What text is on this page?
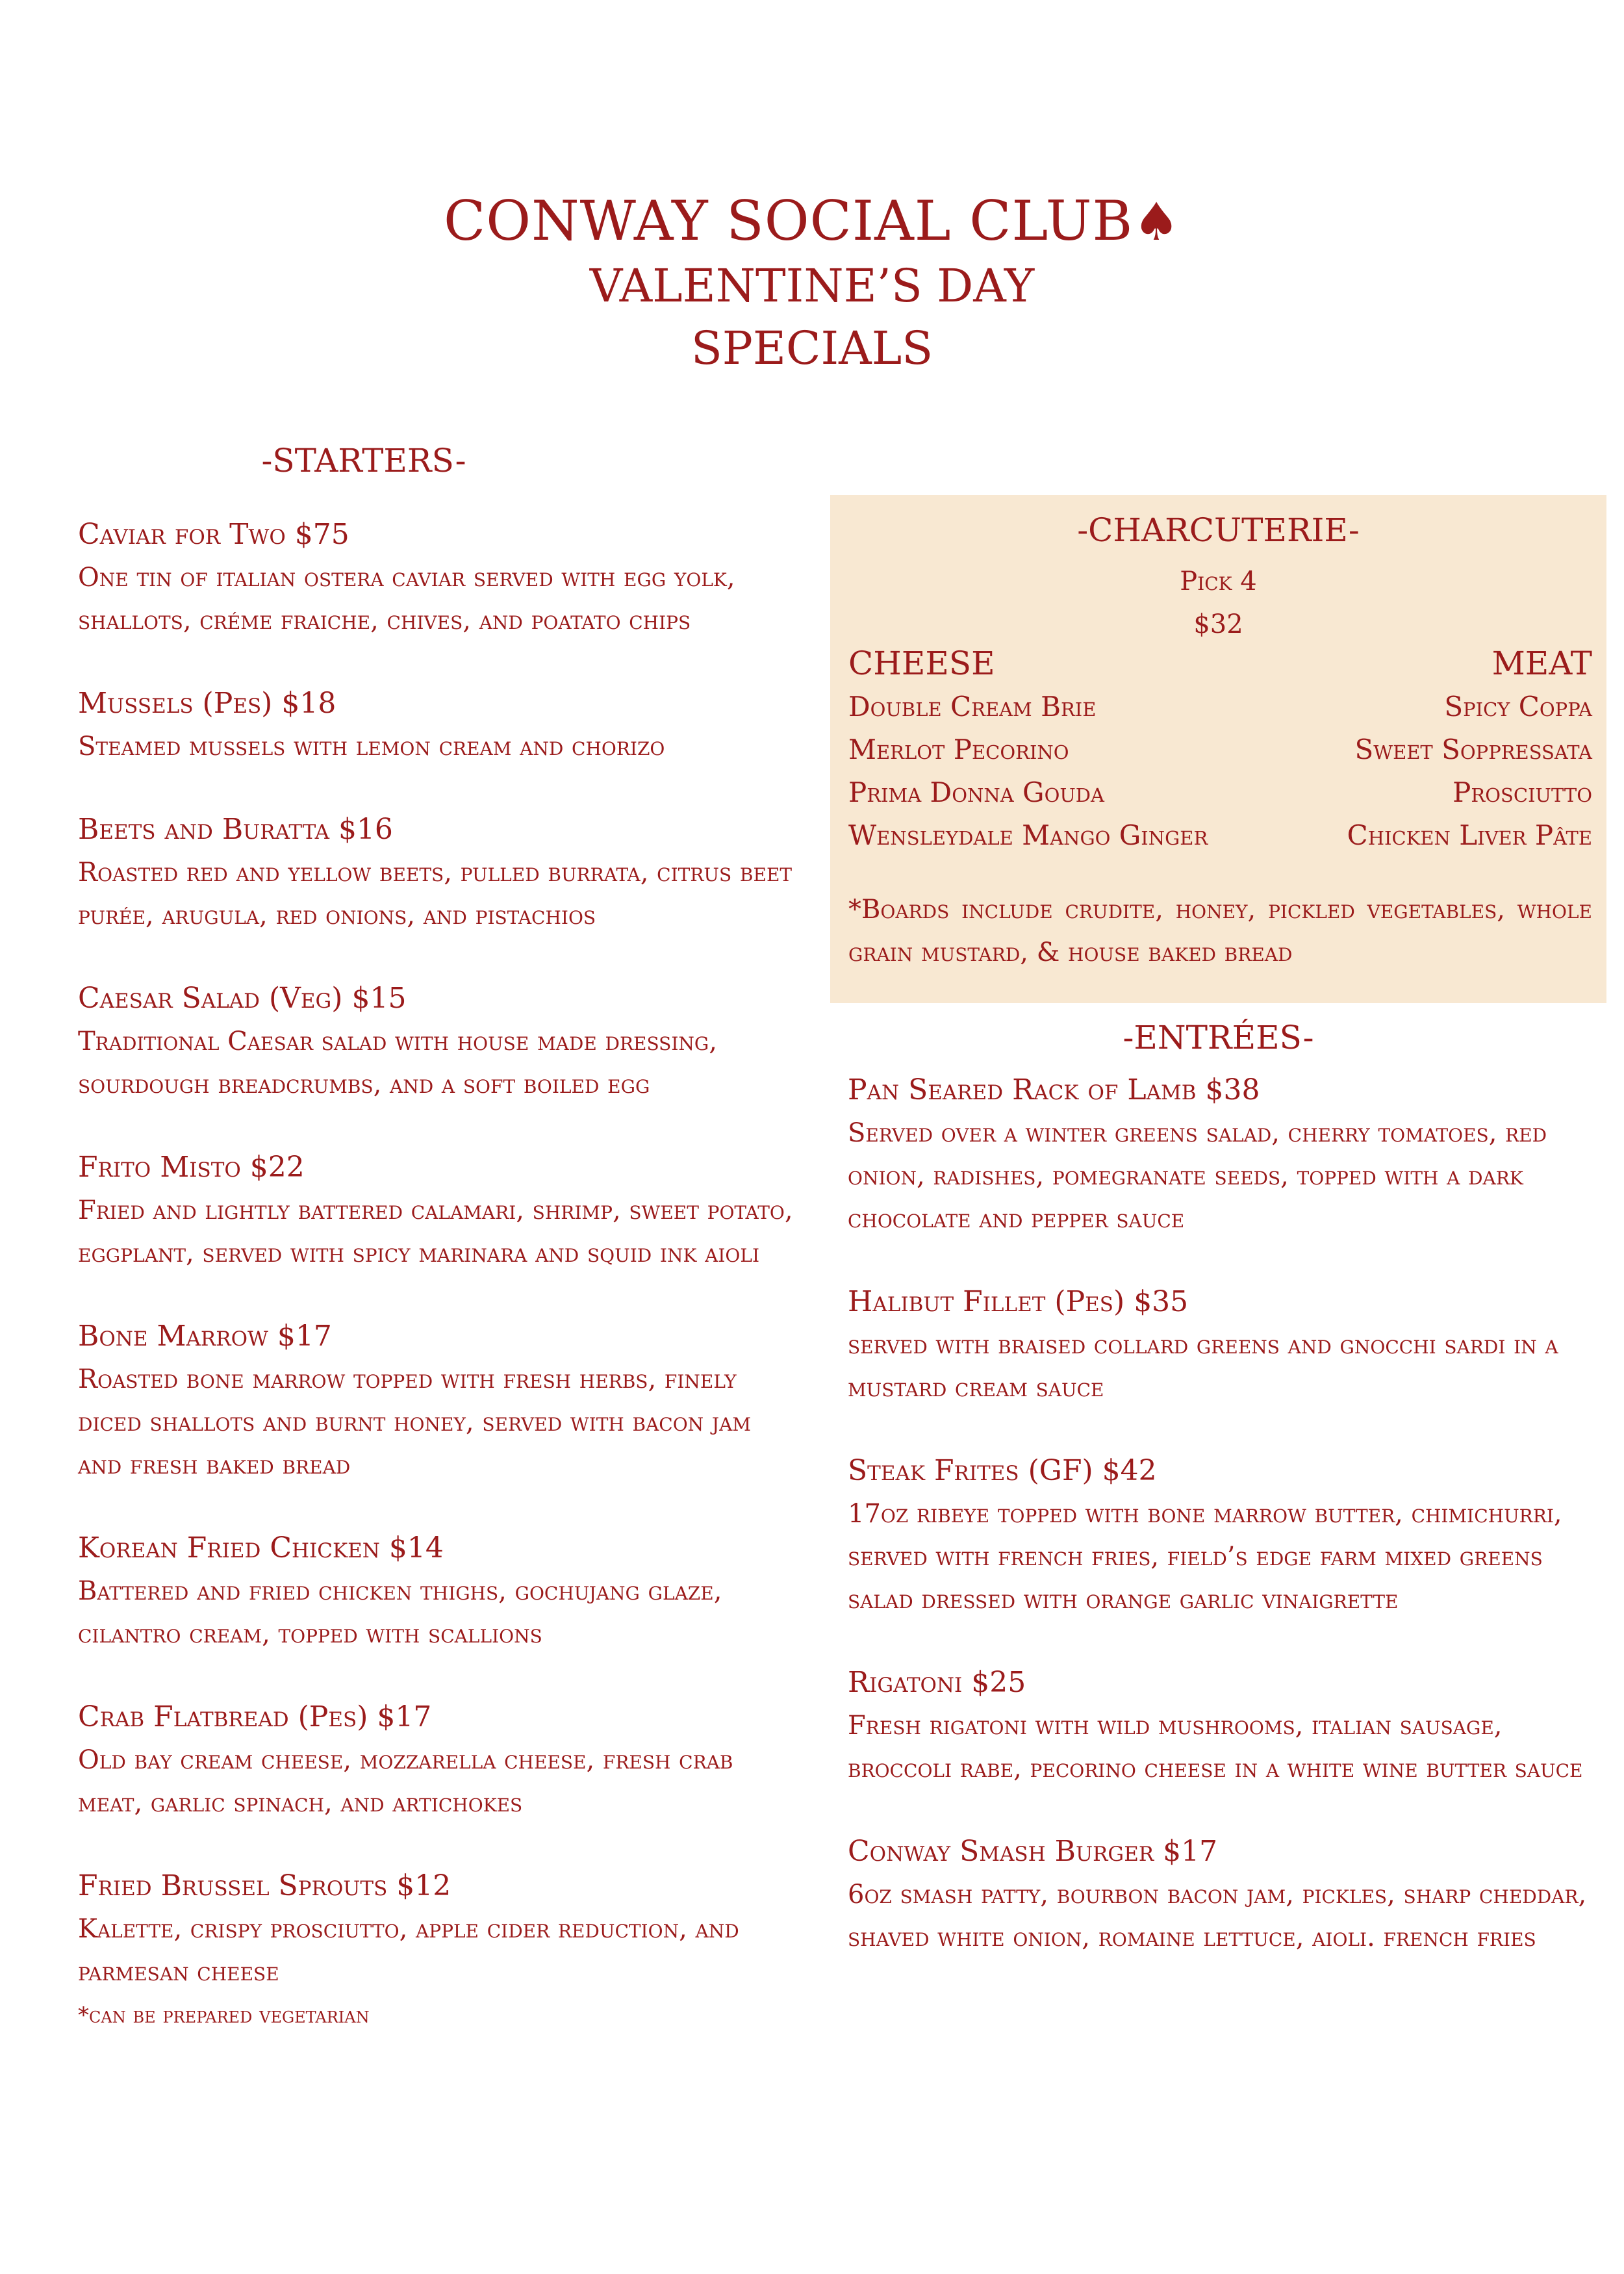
CONWAY SOCIAL CLUB♠
VALENTINE’S DAY
SPECIALS
-STARTERS-
Caviar for Two $75
One tin of italian ostera caviar served with egg yolk, shallots, créme fraiche, chives, and poatato chips
Mussels (Pes) $18
Steamed mussels with lemon cream and chorizo
Beets and Buratta $16
Roasted red and yellow beets, pulled burrata, citrus beet purée, arugula, red onions, and pistachios
Caesar Salad (Veg) $15
Traditional Caesar salad with house made dressing, sourdough breadcrumbs, and a soft boiled egg
Frito Misto $22
Fried and lightly battered calamari, shrimp, sweet potato, eggplant, served with spicy marinara and squid ink aioli
Bone Marrow $17
Roasted bone marrow topped with fresh herbs, finely diced shallots and burnt honey, served with bacon jam and fresh baked bread
Korean Fried Chicken $14
Battered and fried chicken thighs, gochujang glaze, cilantro cream, topped with scallions
Crab Flatbread (Pes) $17
Old bay cream cheese, mozzarella cheese, fresh crab meat, garlic spinach, and artichokes
Fried Brussel Sprouts $12
Kalette, crispy prosciutto, apple cider reduction, and parmesan cheese
*can be prepared vegetarian
-CHARCUTERIE-
Pick 4
$32
CHEESE
Double Cream Brie
Merlot Pecorino
Prima Donna Gouda
Wensleydale Mango Ginger
MEAT
Spicy Coppa
Sweet Soppressata
Prosciutto
Chicken Liver Pâte
*Boards include crudite, honey, pickled vegetables, whole grain mustard, & house baked bread
-ENTRÉES-
Pan Seared Rack of Lamb $38
Served over a winter greens salad, cherry tomatoes, red onion, radishes, pomegranate seeds, topped with a dark chocolate and pepper sauce
Halibut Fillet (Pes) $35
served with braised collard greens and gnocchi sardi in a mustard cream sauce
Steak Frites (GF) $42
17oz ribeye topped with bone marrow butter, chimichurri, served with french fries, field’s edge farm mixed greens salad dressed with orange garlic vinaigrette
Rigatoni $25
Fresh rigatoni with wild mushrooms, italian sausage, broccoli rabe, pecorino cheese in a white wine butter sauce
Conway Smash Burger $17
6oz smash patty, bourbon bacon jam, pickles, sharp cheddar, shaved white onion, romaine lettuce, aioli. french fries
